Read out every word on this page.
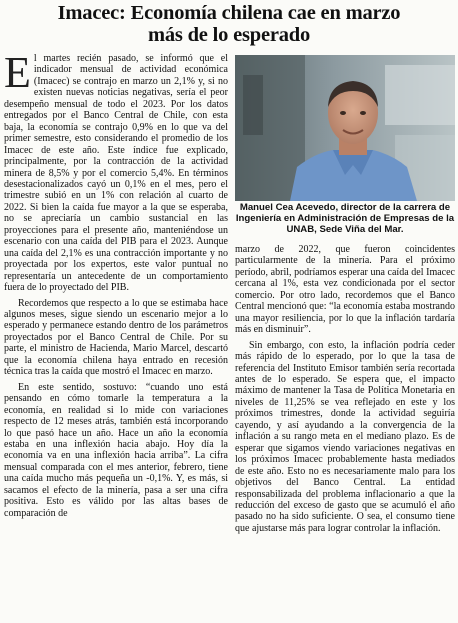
Imacec: Economía chilena cae en marzo
más de lo esperado

El martes recién pasado, se informó que el indicador mensual de actividad económica (Imacec) se contrajo en marzo un 2,1% y, si no existen nuevas noticias negativas, sería el peor desempeño mensual de todo el 2023. Por los datos entregados por el Banco Central de Chile, con esta baja, la economía se contrajo 0,9% en lo que va del primer semestre, esto considerando el promedio de los Imacec de este año. Este índice fue explicado, principalmente, por la contracción de la actividad minera de 8,5% y por el comercio 5,4%. En términos desestacionalizados cayó un 0,1% en el mes, pero el trimestre subió en un 1% con relación al cuarto de 2022. Si bien la caída fue mayor a la que se esperaba, no se apreciaría un cambio sustancial en las proyecciones para el presente año, manteniéndose un escenario con una caída del PIB para el 2023. Aunque una caída del 2,1% es una contracción importante y no proyectada por los expertos, este valor puntual no representaría un antecedente de un comportamiento fuera de lo proyectado del PIB.

Recordemos que respecto a lo que se estimaba hace algunos meses, sigue siendo un escenario mejor a lo esperado y permanece estando dentro de los parámetros proyectados por el Banco Central de Chile. Por su parte, el ministro de Hacienda, Mario Marcel, descartó que la economía chilena haya entrado en recesión técnica tras la caída que mostró el Imacec en marzo.

En este sentido, sostuvo: “cuando uno está pensando en cómo tomarle la temperatura a la economía, en realidad si lo mide con variaciones respecto de 12 meses atrás, también está incorporando lo que pasó hace un año. Hace un año la economía estaba en una inflexión hacia abajo. Hoy día la economía va en una inflexión hacia arriba”. La cifra mensual comparada con el mes anterior, febrero, tiene una caída mucho más pequeña un -0,1%. Y, es más, si sacamos el efecto de la minería, pasa a ser una cifra positiva. Esto es válido por las altas bases de comparación de

Manuel Cea Acevedo, director de la carrera de Ingeniería en Administración de Empresas de la UNAB, Sede Viña del Mar.

marzo de 2022, que fueron coincidentes particularmente de la minería. Para el próximo período, abril, podríamos esperar una caída del Imacec cercana al 1%, esta vez condicionada por el sector comercio. Por otro lado, recordemos que el Banco Central mencionó que: “la economía estaba mostrando una mayor resiliencia, por lo que la inflación tardaría más en disminuir”.

Sin embargo, con esto, la inflación podría ceder más rápido de lo esperado, por lo que la tasa de referencia del Instituto Emisor también sería recortada antes de lo esperado. Se espera que, el impacto máximo de mantener la Tasa de Política Monetaria en niveles de 11,25% se vea reflejado en este y los próximos trimestres, donde la actividad seguiría cayendo, y así ayudando a la convergencia de la inflación a su rango meta en el mediano plazo. Es de esperar que sigamos viendo variaciones negativas en los próximos Imacec probablemente hasta mediados de este año. Esto no es necesariamente malo para los objetivos del Banco Central. La entidad responsabilizada del problema inflacionario a que la reducción del exceso de gasto que se acumuló el año pasado no ha sido suficiente. O sea, el consumo tiene que ajustarse más para lograr controlar la inflación.
